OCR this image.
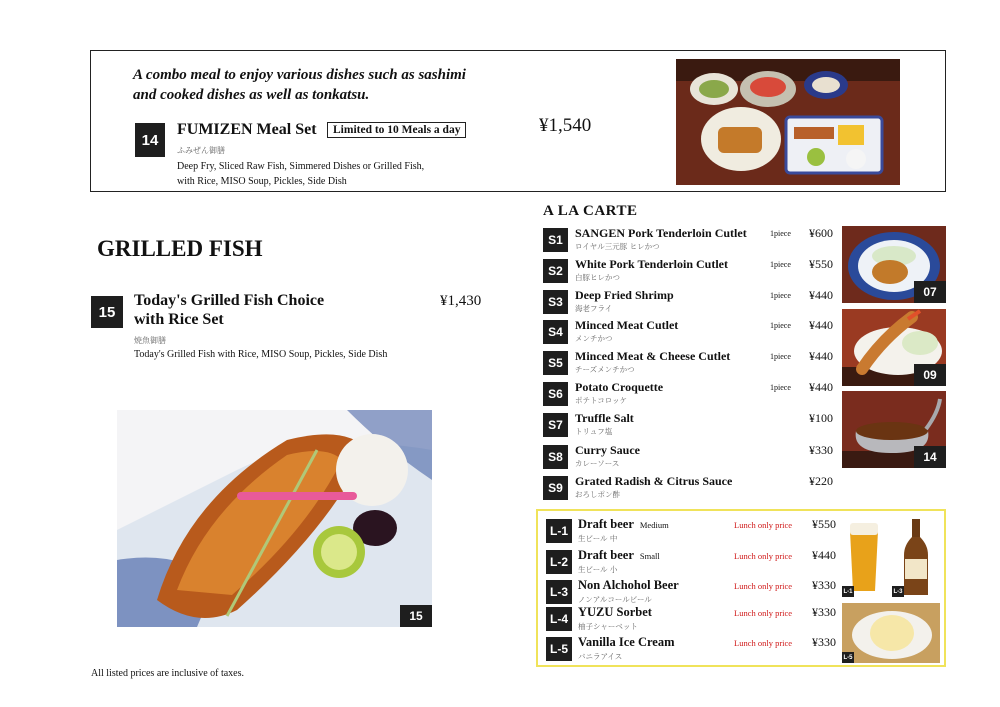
A combo meal to enjoy various dishes such as sashimi
and cooked dishes as well as tonkatsu.
14
FUMIZEN Meal Set	Limited to 10 Meals a day
ふみぜん御膳
Deep Fry, Sliced Raw Fish, Simmered Dishes or Grilled Fish,
with Rice, MISO Soup, Pickles, Side Dish
¥1,540
GRILLED FISH
15
Today's Grilled Fish Choice
with Rice Set
¥1,430
焼魚御膳
Today's Grilled Fish with Rice, MISO Soup, Pickles, Side Dish
15
All listed prices are inclusive of taxes.
A LA CARTE
S1	SANGEN Pork Tenderloin Cutlet
ロイヤル三元豚 ヒレかつ
1piece ¥600
S2	White Pork Tenderloin Cutlet
白豚ヒレかつ
1piece ¥550
S3	Deep Fried Shrimp
海老フライ
1piece ¥440
S4	Minced Meat Cutlet
メンチかつ
1piece ¥440
S5	Minced Meat & Cheese Cutlet
チーズメンチかつ
1piece ¥440
S6	Potato Croquette
ポテトコロッケ
1piece ¥440
S7	Truffle Salt
トリュフ塩
¥100
S8	Curry Sauce
カレーソース
¥330
S9	Grated Radish & Citrus Sauce
おろしポン酢
¥220
07
09
14
L-1 Draft beer Medium
生ビール 中
Lunch only price ¥550
L-2 Draft beer Small
生ビール 小
Lunch only price ¥440
L-3 Non Alchohol Beer
ノンアルコールビール
Lunch only price ¥330
L-4 YUZU Sorbet
柚子シャーベット
Lunch only price ¥330
L-5 Vanilla Ice Cream
バニラアイス
Lunch only price ¥330
L-1	L-3
L-5
